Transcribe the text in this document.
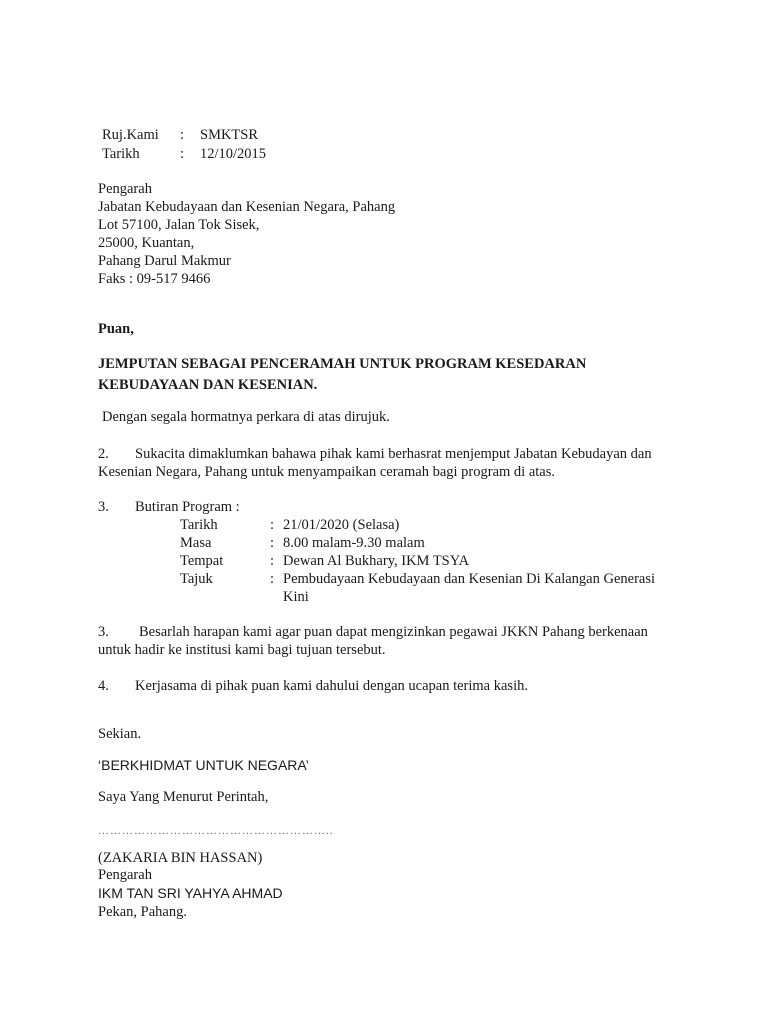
Ruj.Kami : SMKTSR
Tarikh	: 12/10/2015
Pengarah
Jabatan Kebudayaan dan Kesenian Negara, Pahang
Lot 57100, Jalan Tok Sisek,
25000, Kuantan,
Pahang Darul Makmur
Faks : 09-517 9466
Puan,
JEMPUTAN SEBAGAI PENCERAMAH UNTUK PROGRAM KESEDARAN
KEBUDAYAAN DAN KESENIAN.
Dengan segala hormatnya perkara di atas dirujuk.
2. Sukacita dimaklumkan bahawa pihak kami berhasrat menjemput Jabatan Kebudayan dan
Kesenian Negara, Pahang untuk menyampaikan ceramah bagi program di atas.
3. Butiran Program :
Tarikh	: 21/01/2020 (Selasa)
Masa	: 8.00 malam-9.30 malam
Tempat	: Dewan Al Bukhary, IKM TSYA
Tajuk	: Pembudayaan Kebudayaan dan Kesenian Di Kalangan Generasi
Kini
3. Besarlah harapan kami agar puan dapat mengizinkan pegawai JKKN Pahang berkenaan
untuk hadir ke institusi kami bagi tujuan tersebut.
4. Kerjasama di pihak puan kami dahului dengan ucapan terima kasih.
Sekian.
‘BERKHIDMAT UNTUK NEGARA’
Saya Yang Menurut Perintah,
…………………………………………………..
(ZAKARIA BIN HASSAN)
Pengarah
IKM TAN SRI YAHYA AHMAD
Pekan, Pahang.
